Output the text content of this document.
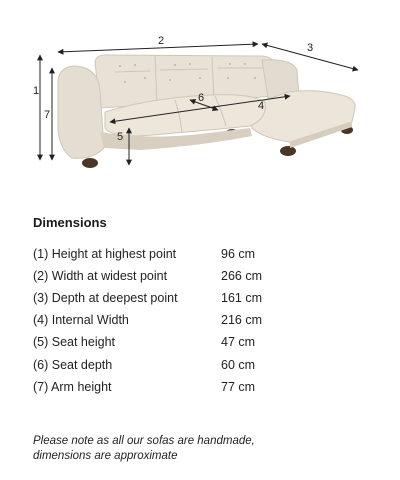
1
2
3
4
5
6
7
Dimensions
(1) Height at highest point	96 cm
(2) Width at widest point	266 cm
(3) Depth at deepest point	161 cm
(4) Internal Width	216 cm
(5) Seat height	47 cm
(6) Seat depth	60 cm
(7) Arm height	77 cm
Please note as all our sofas are handmade,
dimensions are approximate
